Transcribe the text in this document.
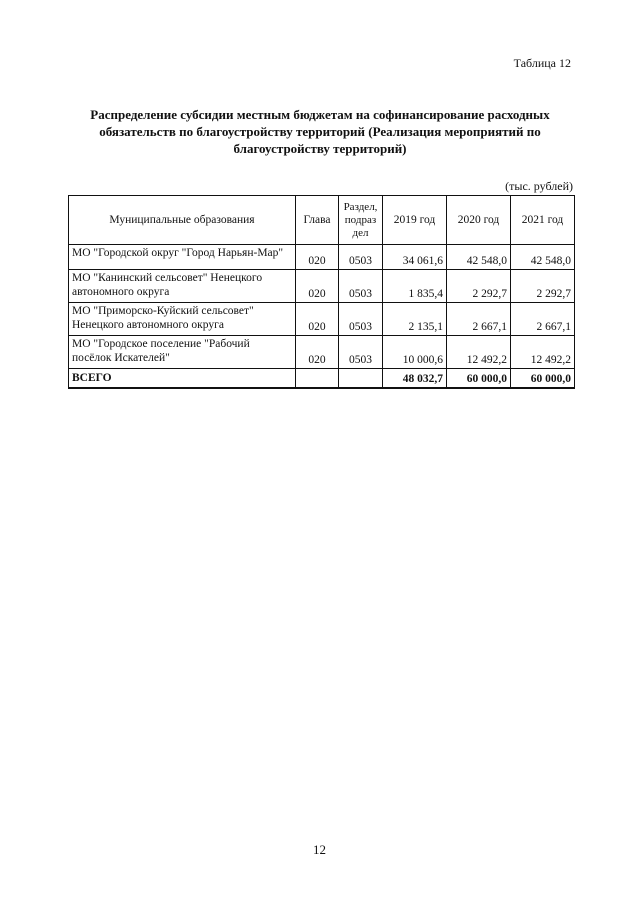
Таблица 12
Распределение субсидии местным бюджетам на софинансирование расходных обязательств по благоустройству территорий (Реализация мероприятий по благоустройству территорий)
(тыс. рублей)
Муниципальные образования	Глава	Раздел, подраз дел	2019 год	2020 год	2021 год
МО "Городской округ "Город Нарьян-Мар"	020	0503	34 061,6	42 548,0	42 548,0
МО "Канинский сельсовет" Ненецкого автономного округа	020	0503	1 835,4	2 292,7	2 292,7
МО "Приморско-Куйский сельсовет" Ненецкого автономного округа	020	0503	2 135,1	2 667,1	2 667,1
МО "Городское поселение "Рабочий посёлок Искателей"	020	0503	10 000,6	12 492,2	12 492,2
ВСЕГО			48 032,7	60 000,0	60 000,0
12
